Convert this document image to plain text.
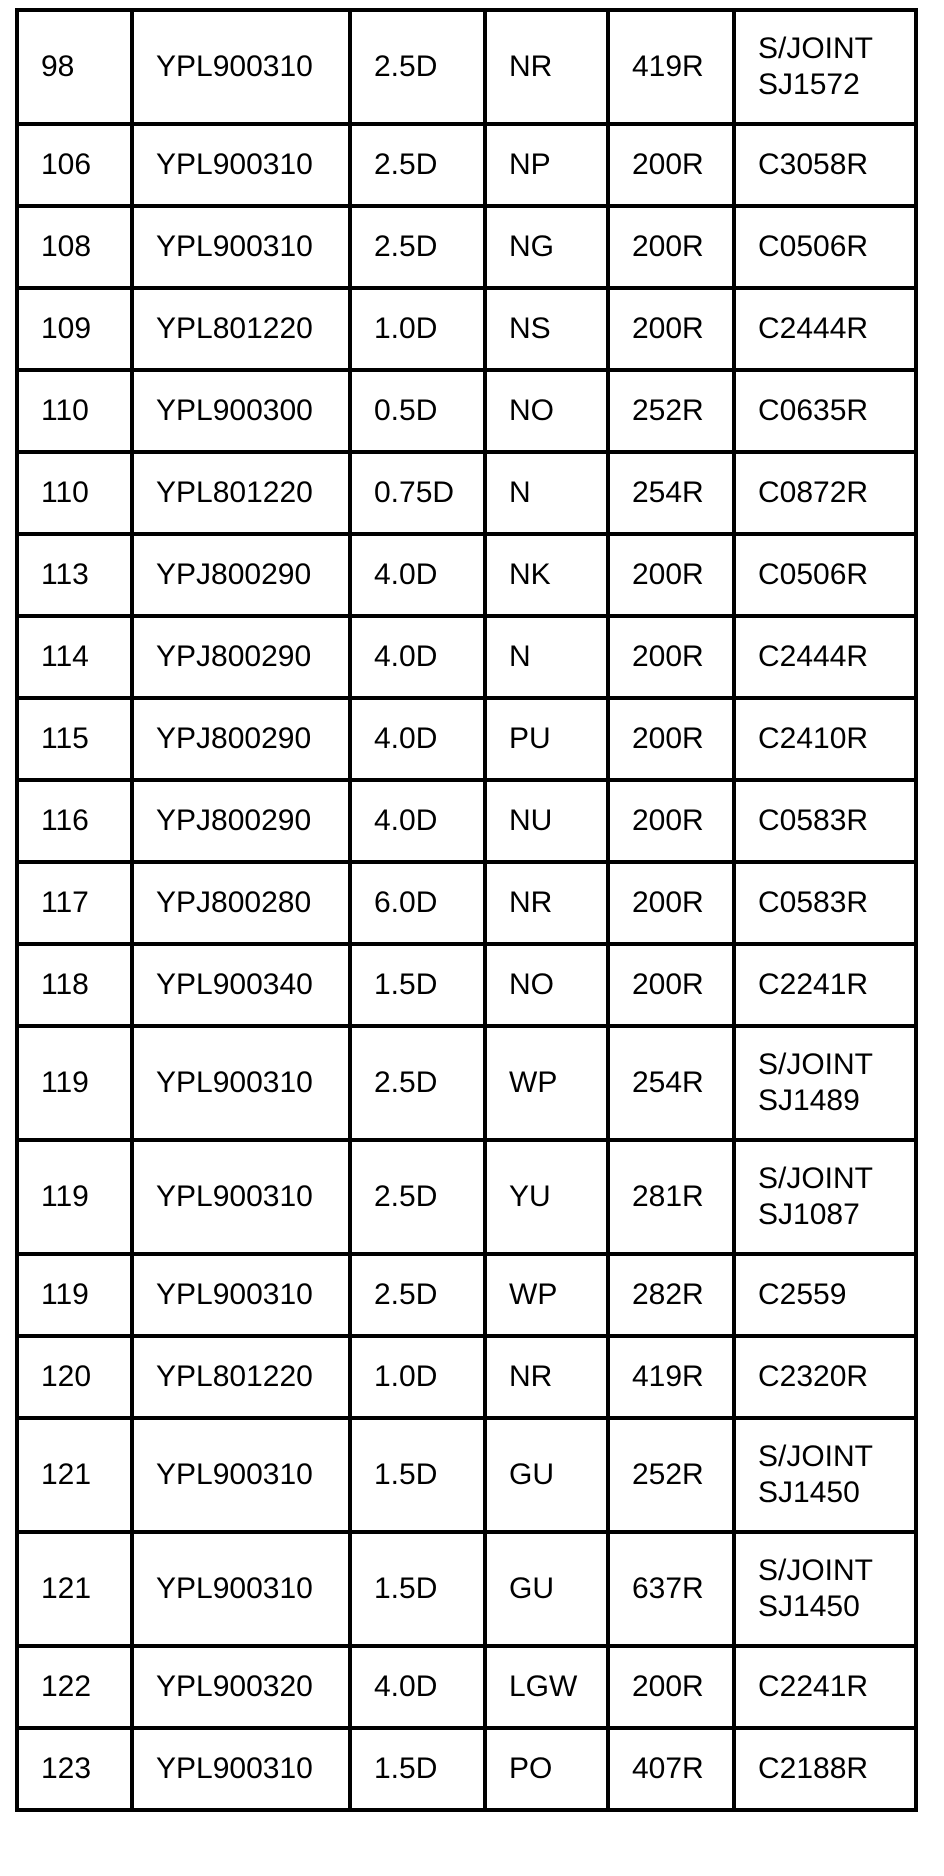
98	YPL900310	2.5D	NR	419R	S/JOINT
SJ1572
106	YPL900310	2.5D	NP	200R	C3058R
108	YPL900310	2.5D	NG	200R	C0506R
109	YPL801220	1.0D	NS	200R	C2444R
110	YPL900300	0.5D	NO	252R	C0635R
110	YPL801220	0.75D	N	254R	C0872R
113	YPJ800290	4.0D	NK	200R	C0506R
114	YPJ800290	4.0D	N	200R	C2444R
115	YPJ800290	4.0D	PU	200R	C2410R
116	YPJ800290	4.0D	NU	200R	C0583R
117	YPJ800280	6.0D	NR	200R	C0583R
118	YPL900340	1.5D	NO	200R	C2241R
119	YPL900310	2.5D	WP	254R	S/JOINT
SJ1489
119	YPL900310	2.5D	YU	281R	S/JOINT
SJ1087
119	YPL900310	2.5D	WP	282R	C2559
120	YPL801220	1.0D	NR	419R	C2320R
121	YPL900310	1.5D	GU	252R	S/JOINT
SJ1450
121	YPL900310	1.5D	GU	637R	S/JOINT
SJ1450
122	YPL900320	4.0D	LGW	200R	C2241R
123	YPL900310	1.5D	PO	407R	C2188R
